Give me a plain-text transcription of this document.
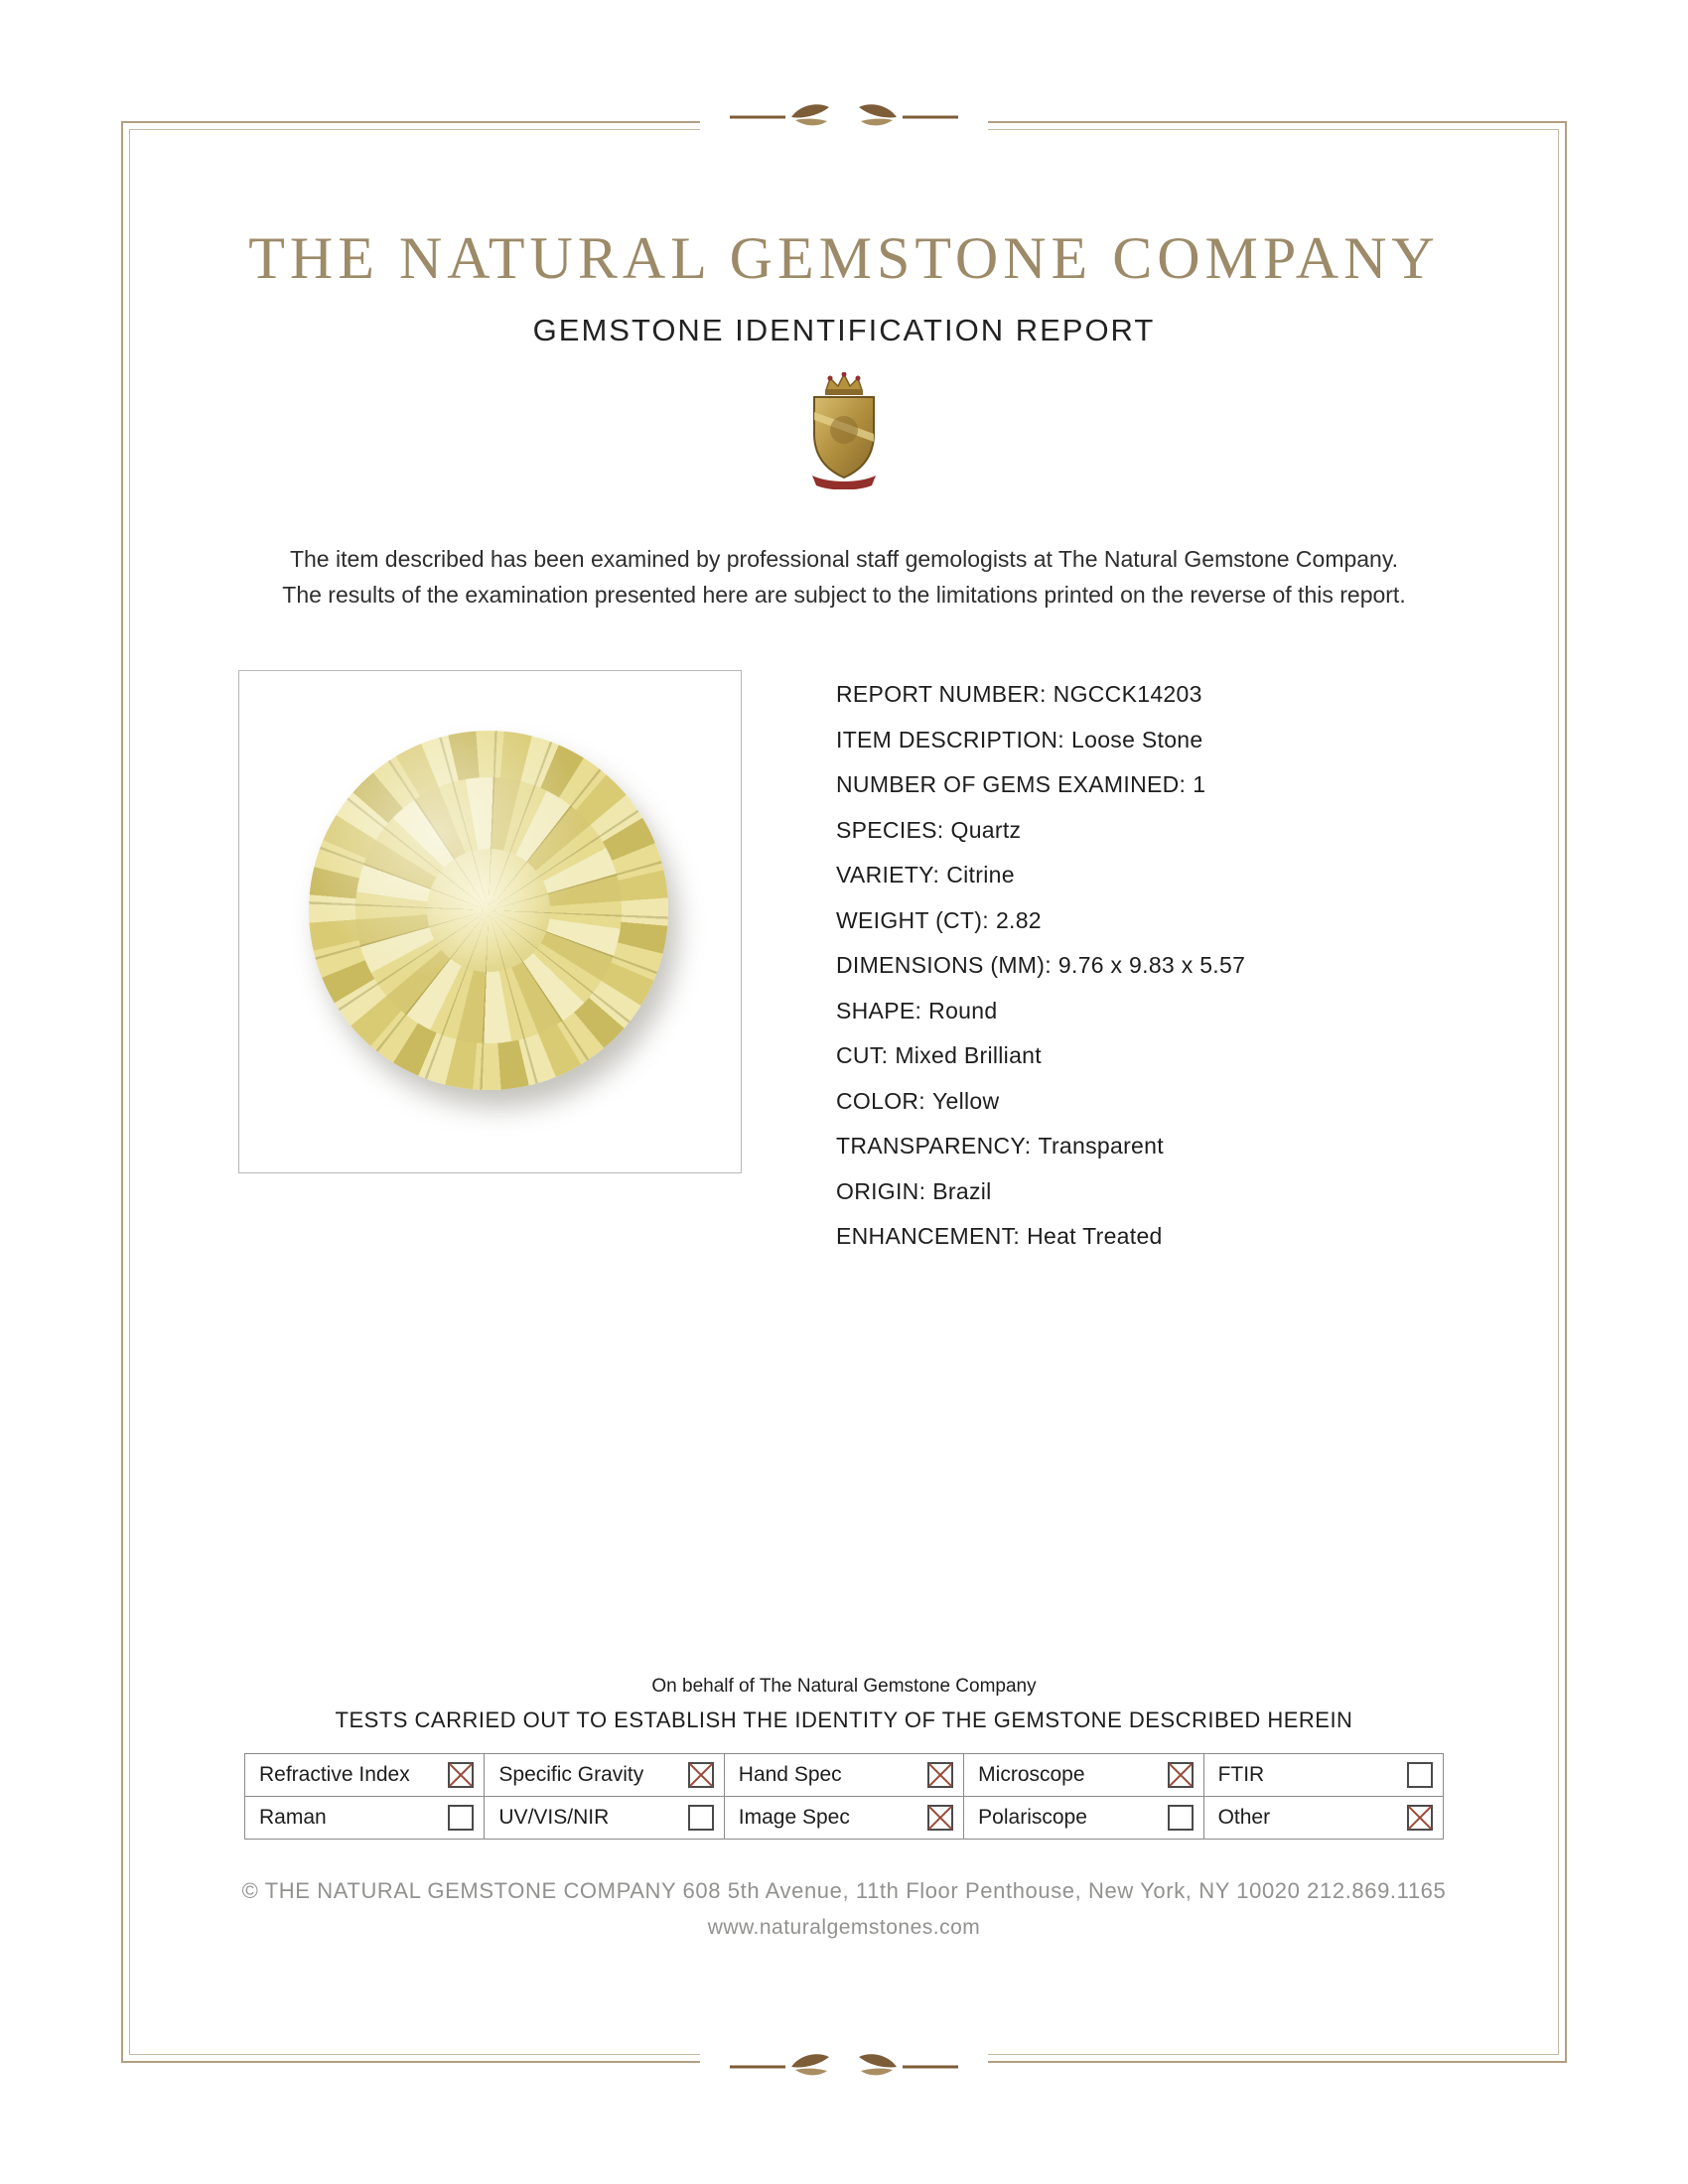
THE NATURAL GEMSTONE COMPANY
GEMSTONE IDENTIFICATION REPORT
The item described has been examined by professional staff gemologists at The Natural Gemstone Company.
The results of the examination presented here are subject to the limitations printed on the reverse of this report.
REPORT NUMBER: NGCCK14203
ITEM DESCRIPTION: Loose Stone
NUMBER OF GEMS EXAMINED: 1
SPECIES: Quartz
VARIETY: Citrine
WEIGHT (CT): 2.82
DIMENSIONS (MM): 9.76 x 9.83 x 5.57
SHAPE: Round
CUT: Mixed Brilliant
COLOR: Yellow
TRANSPARENCY: Transparent
ORIGIN: Brazil
ENHANCEMENT: Heat Treated
On behalf of The Natural Gemstone Company
TESTS CARRIED OUT TO ESTABLISH THE IDENTITY OF THE GEMSTONE DESCRIBED HEREIN
Refractive Index	Specific Gravity	Hand Spec	Microscope	FTIR

Raman	UV/VIS/NIR	Image Spec	Polariscope	Other
© THE NATURAL GEMSTONE COMPANY 608 5th Avenue, 11th Floor Penthouse, New York, NY 10020 212.869.1165
www.naturalgemstones.com
